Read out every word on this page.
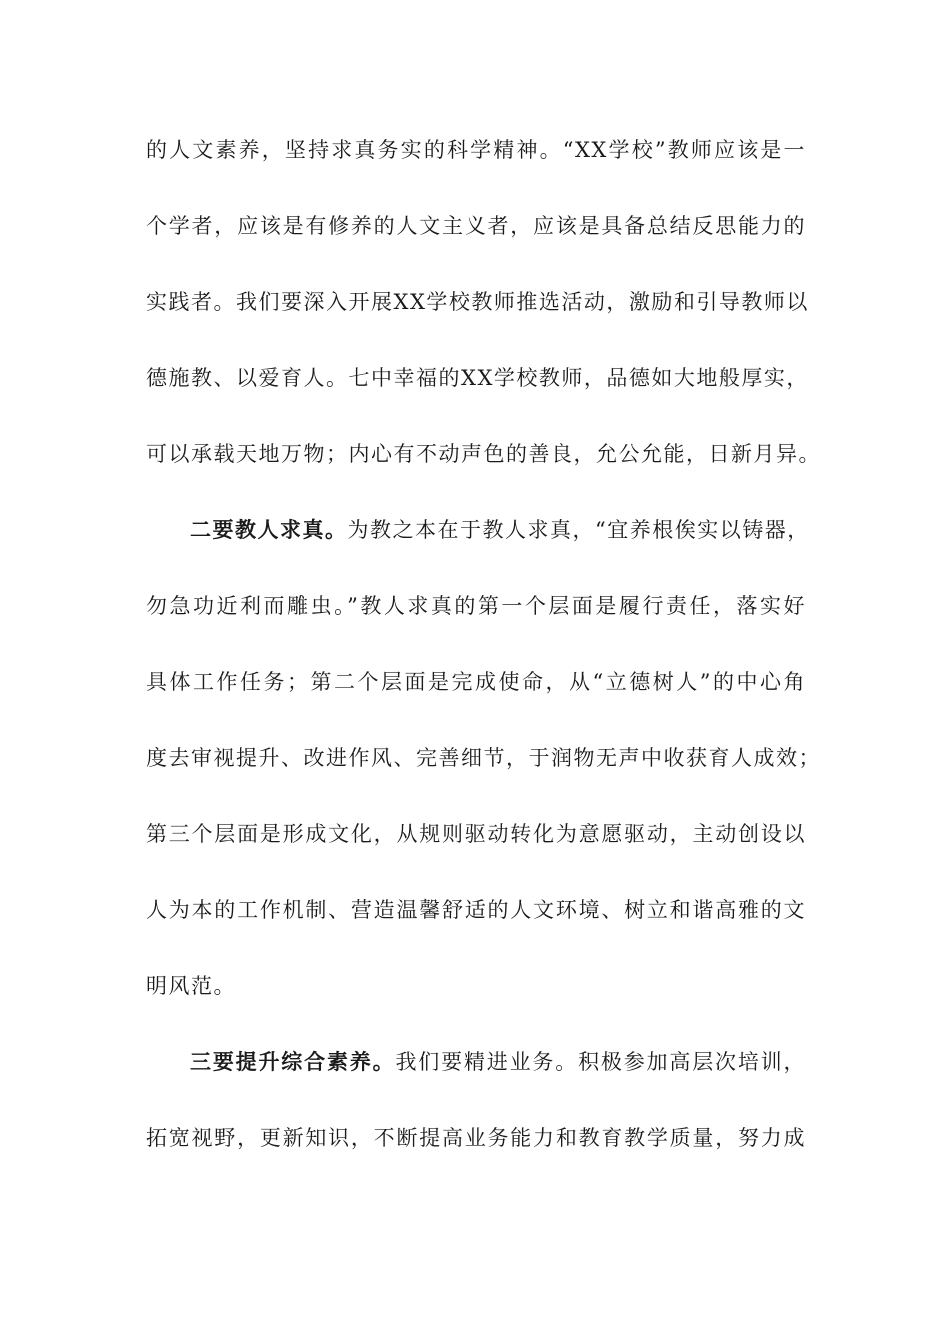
的人文素养，坚持求真务实的科学精神。“XX学校”教师应该是一
个学者，应该是有修养的人文主义者，应该是具备总结反思能力的
实践者。我们要深入开展XX学校教师推选活动，激励和引导教师以
德施教、以爱育人。七中幸福的XX学校教师，品德如大地般厚实，
可以承载天地万物；内心有不动声色的善良，允公允能，日新月异。
二要教人求真。为教之本在于教人求真，“宜养根俟实以铸器，
勿急功近利而雕虫。”教人求真的第一个层面是履行责任，落实好
具体工作任务；第二个层面是完成使命，从“立德树人”的中心角
度去审视提升、改进作风、完善细节，于润物无声中收获育人成效；
第三个层面是形成文化，从规则驱动转化为意愿驱动，主动创设以
人为本的工作机制、营造温馨舒适的人文环境、树立和谐高雅的文
明风范。
三要提升综合素养。我们要精进业务。积极参加高层次培训，
拓宽视野，更新知识，不断提高业务能力和教育教学质量，努力成
